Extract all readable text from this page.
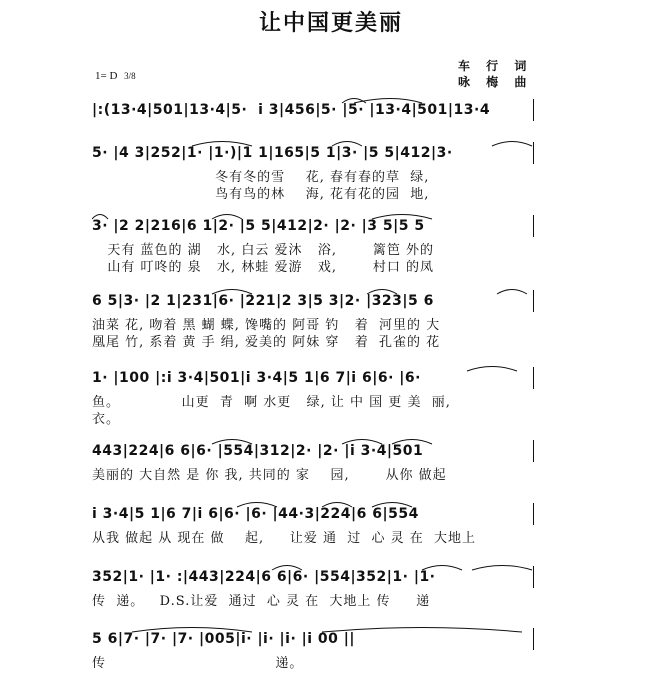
让中国更美丽
1= D 3/8
车 行 词
咏 梅 曲
|:(13·4|501|13·4|5·  i 3|456|5· |5· |13·4|501|13·4
5· |4 3|252|1· |1·)|1 1|165|5 1|3· |5 5|412|3·
冬有冬的雪    花, 春有春的草  绿,
鸟有鸟的林    海, 花有花的园  地,
3· |2 2|216|6 1|2· |5 5|412|2· |2· |3 5|5 5
天有 蓝色的 湖   水, 白云 爱沐   浴,       篱笆 外的
山有 叮咚的 泉   水, 林蛙 爱游   戏,       村口 的凤
6 5|3· |2 1|231|6· |221|2 3|5 3|2· |323|5 6
油菜 花, 吻着 黑 蝴 蝶, 馋嘴的 阿哥 钓   着  河里的 大
凰尾 竹, 系着 黄 手 绢, 爱美的 阿妹 穿   着  孔雀的 花
1· |100 |:i 3·4|501|i 3·4|5 1|6 7|i 6|6· |6·
鱼。            山更  青  啊 水更   绿, 让 中 国 更 美  丽,
衣。
443|224|6 6|6· |554|312|2· |2· |i 3·4|501
美丽的 大自然 是 你 我, 共同的 家    园,       从你 做起
i 3·4|5 1|6 7|i 6|6· |6· |44·3|224|6 6|554
从我 做起 从 现在 做    起,     让爱 通  过  心 灵 在  大地上
352|1· |1· :|443|224|6 6|6· |554|352|1· |1·
传  递。   D.S.让爱  通过  心 灵 在  大地上 传     递
5 6|7· |7· |7· |005|i· |i· |i· |i 00 ||
传                                 递。
